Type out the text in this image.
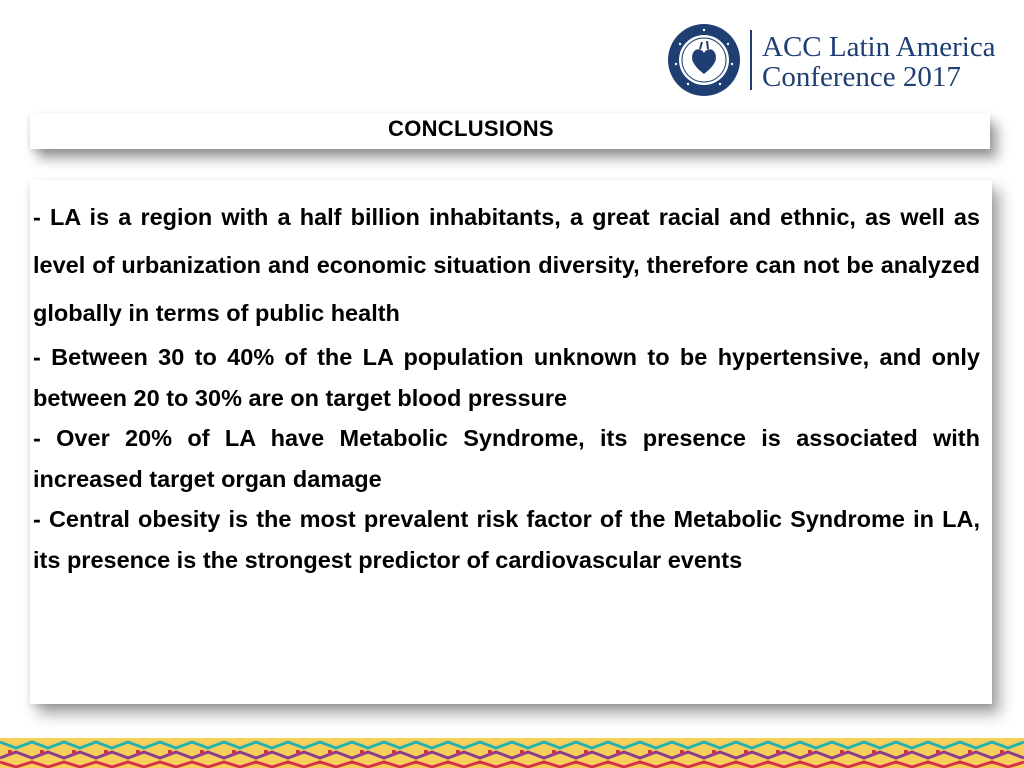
ACC Latin America
Conference 2017
CONCLUSIONS

- LA is a region with a half billion inhabitants, a great racial and ethnic, as well as level of urbanization and economic situation diversity, therefore can not be analyzed globally in terms of public health

- Between 30 to 40% of the LA population unknown to be hypertensive, and only between 20 to 30% are on target blood pressure

- Over 20% of LA have Metabolic Syndrome, its presence is associated with increased target organ damage

- Central obesity is the most prevalent risk factor of the Metabolic Syndrome in LA, its presence is the strongest predictor of cardiovascular events
